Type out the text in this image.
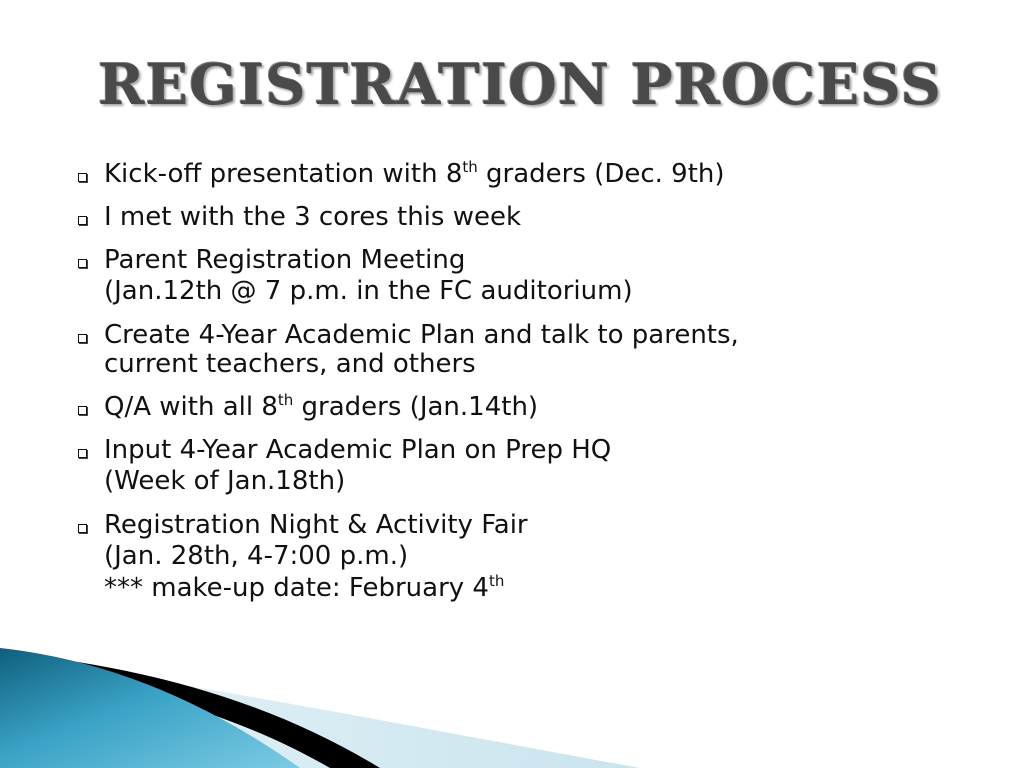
REGISTRATION PROCESS
Kick-off presentation with 8th graders (Dec. 9th)
I met with the 3 cores this week
Parent Registration Meeting
(Jan.12th @ 7 p.m. in the FC auditorium)
Create 4-Year Academic Plan and talk to parents,
current teachers, and others
Q/A with all 8th graders (Jan.14th)
Input 4-Year Academic Plan on Prep HQ
(Week of Jan.18th)
Registration Night & Activity Fair
(Jan. 28th, 4-7:00 p.m.)
*** make-up date: February 4th
